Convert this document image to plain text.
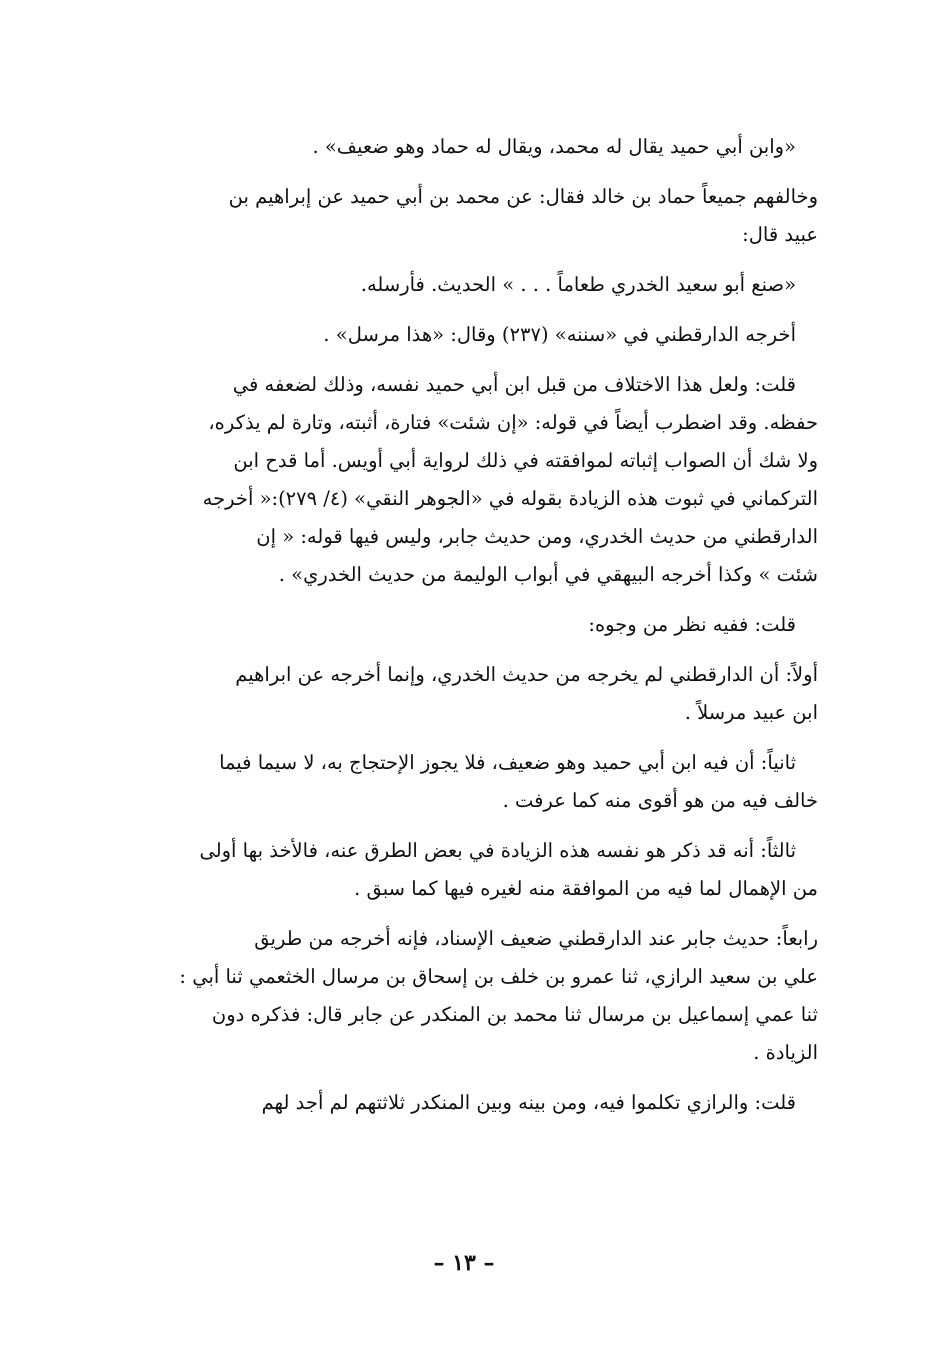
«وابن أبي حميد يقال له محمد، ويقال له حماد وهو ضعيف» .

وخالفهم جميعاً حماد بن خالد فقال: عن محمد بن أبي حميد عن إبراهيم بن
عبيد قال:

«صنع أبو سعيد الخدري طعاماً . . . » الحديث. فأرسله.

أخرجه الدارقطني في «سننه» (٢٣٧) وقال: «هذا مرسل» .

قلت: ولعل هذا الاختلاف من قبل ابن أبي حميد نفسه، وذلك لضعفه في
حفظه. وقد اضطرب أيضاً في قوله: «إن شئت» فتارة، أثبته، وتارة لم يذكره،
ولا شك أن الصواب إثباته لموافقته في ذلك لرواية أبي أويس. أما قدح ابن
التركماني في ثبوت هذه الزيادة بقوله في «الجوهر النقي» (٤/ ٢٧٩):« أخرجه
الدارقطني من حديث الخدري، ومن حديث جابر، وليس فيها قوله: « إن
شئت » وكذا أخرجه البيهقي في أبواب الوليمة من حديث الخدري» .

قلت: ففيه نظر من وجوه:

أولاً: أن الدارقطني لم يخرجه من حديث الخدري، وإنما أخرجه عن ابراهيم
ابن عبيد مرسلاً .

ثانياً: أن فيه ابن أبي حميد وهو ضعيف، فلا يجوز الإحتجاج به، لا سيما فيما
خالف فيه من هو أقوى منه كما عرفت .

ثالثاً: أنه قد ذكر هو نفسه هذه الزيادة في بعض الطرق عنه، فالأخذ بها أولى
من الإهمال لما فيه من الموافقة منه لغيره فيها كما سبق .

رابعاً: حديث جابر عند الدارقطني ضعيف الإسناد، فإنه أخرجه من طريق
علي بن سعيد الرازي، ثنا عمرو بن خلف بن إسحاق بن مرسال الخثعمي ثنا أبي :
ثنا عمي إسماعيل بن مرسال ثنا محمد بن المنكدر عن جابر قال: فذكره دون
الزيادة .

قلت: والرازي تكلموا فيه، ومن بينه وبين المنكدر ثلاثتهم لم أجد لهم

– ١٣ –
